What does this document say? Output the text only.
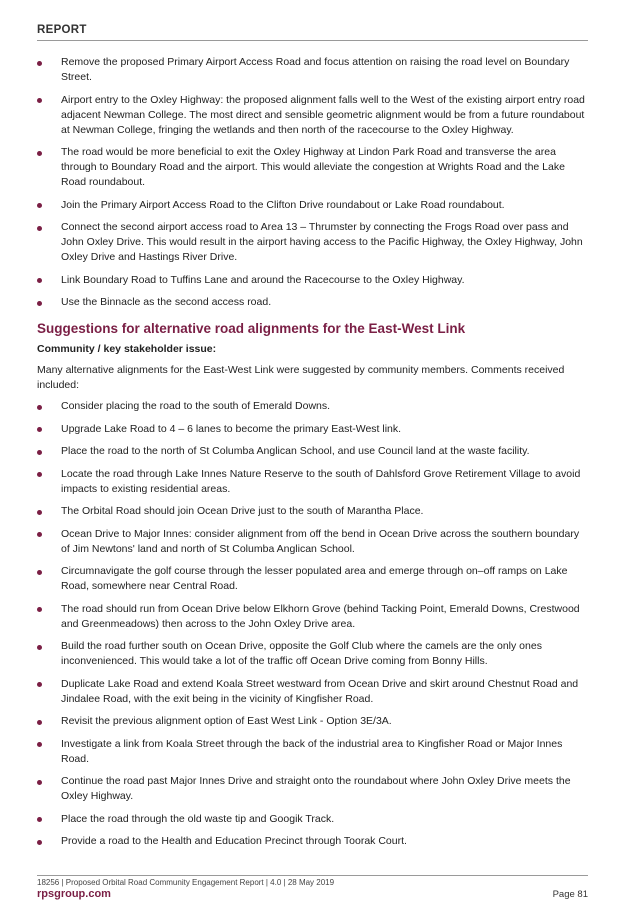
REPORT
Remove the proposed Primary Airport Access Road and focus attention on raising the road level on Boundary Street.
Airport entry to the Oxley Highway: the proposed alignment falls well to the West of the existing airport entry road adjacent Newman College. The most direct and sensible geometric alignment would be from a future roundabout at Newman College, fringing the wetlands and then north of the racecourse to the Oxley Highway.
The road would be more beneficial to exit the Oxley Highway at Lindon Park Road and transverse the area through to Boundary Road and the airport. This would alleviate the congestion at Wrights Road and the Lake Road roundabout.
Join the Primary Airport Access Road to the Clifton Drive roundabout or Lake Road roundabout.
Connect the second airport access road to Area 13 – Thrumster by connecting the Frogs Road over pass and John Oxley Drive. This would result in the airport having access to the Pacific Highway, the Oxley Highway, John Oxley Drive and Hastings River Drive.
Link Boundary Road to Tuffins Lane and around the Racecourse to the Oxley Highway.
Use the Binnacle as the second access road.
Suggestions for alternative road alignments for the East-West Link
Community / key stakeholder issue:
Many alternative alignments for the East-West Link were suggested by community members. Comments received included:
Consider placing the road to the south of Emerald Downs.
Upgrade Lake Road to 4 – 6 lanes to become the primary East-West link.
Place the road to the north of St Columba Anglican School, and use Council land at the waste facility.
Locate the road through Lake Innes Nature Reserve to the south of Dahlsford Grove Retirement Village to avoid impacts to existing residential areas.
The Orbital Road should join Ocean Drive just to the south of Marantha Place.
Ocean Drive to Major Innes: consider alignment from off the bend in Ocean Drive across the southern boundary of Jim Newtons' land and north of St Columba Anglican School.
Circumnavigate the golf course through the lesser populated area and emerge through on–off ramps on Lake Road, somewhere near Central Road.
The road should run from Ocean Drive below Elkhorn Grove (behind Tacking Point, Emerald Downs, Crestwood and Greenmeadows) then across to the John Oxley Drive area.
Build the road further south on Ocean Drive, opposite the Golf Club where the camels are the only ones inconvenienced. This would take a lot of the traffic off Ocean Drive coming from Bonny Hills.
Duplicate Lake Road and extend Koala Street westward from Ocean Drive and skirt around Chestnut Road and Jindalee Road, with the exit being in the vicinity of Kingfisher Road.
Revisit the previous alignment option of East West Link - Option 3E/3A.
Investigate a link from Koala Street through the back of the industrial area to Kingfisher Road or Major Innes Road.
Continue the road past Major Innes Drive and straight onto the roundabout where John Oxley Drive meets the Oxley Highway.
Place the road through the old waste tip and Googik Track.
Provide a road to the Health and Education Precinct through Toorak Court.
18256 | Proposed Orbital Road Community Engagement Report | 4.0 | 28 May 2019
rpsgroup.com	Page 81
